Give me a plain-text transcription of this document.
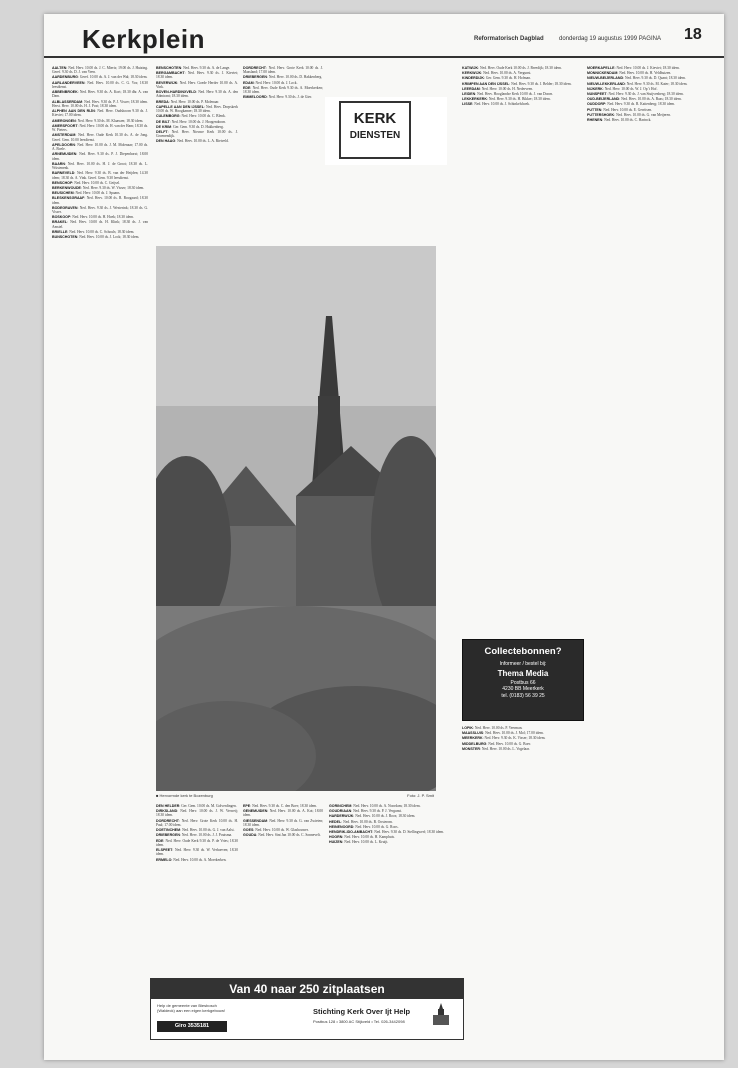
Kerkplein	Reformatorisch Dagblad	donderdag 19 augustus 1999 PAGINA 18
AALTEN: Ned. Herv. 10.00 ds. J. C. Mieris; 19.00 ds. J. Huizing. Geref. 9.30 ds. D. J. van Veen.
AARDENBURG: Geref. 10.00 ds. A. J. van der Wal; 18.30 idem.
AARLANDERVEEN: Ned. Herv. 10.00 ds. C. G. Vos; 18.30 leesdienst.
ABBENBROEK: Ned. Herv. 9.30 ds. A. Kort; 18.30 dhr. A. van Dam.
ALBLASSERDAM: Ned. Herv. 9.30 ds. P. J. Visser; 18.30 idem. Herst. Herv. 10.00 ds. H. J. Post; 18.30 idem.
ALPHEN AAN DEN RIJN: Ned. Herv. Oudshoorn 9.30 ds. J. Kieviet; 17.00 idem.
AMERONGEN: Ned. Herv. 9.30 ds. M. Klaassen; 18.30 idem.
AMERSFOORT: Ned. Herv. 10.00 ds. H. van der Ham; 18.30 ds. W. Pieters.
AMSTERDAM: Ned. Herv. Oude Kerk 10.30 ds. A. de Jong. Geref. Gem. 10.00 leesdienst.
APELDOORN: Ned. Herv. 10.00 ds. J. M. Molenaar; 17.00 ds. A. Boele.
ARNEMUIDEN: Ned. Herv. 9.30 ds. P. J. Diepenhorst; 18.00 idem.
BAARN: Ned. Herv. 10.00 ds. H. J. de Groot; 18.30 ds. L. Wüstenenk.
BARNEVELD: Ned. Herv. 9.30 ds. B. van der Heijden; 14.30 idem; 18.30 ds. A. Vink. Geref. Gem. 9.30 leesdienst.
BENSCHOP: Ned. Herv. 10.00 ds. C. Geijsel.
BERKENWOUDE: Ned. Herv. 9.30 ds. W. Visser; 18.30 idem.
BEUSICHEM: Ned. Herv. 10.00 ds. J. Spaans.
BLESKENSGRAAF: Ned. Herv. 10.00 ds. R. Boogaard; 18.30 idem.
BODEGRAVEN: Ned. Herv. 9.30 ds. J. Westerink; 18.30 ds. G. Visser.
BOSKOOP: Ned. Herv. 10.00 ds. H. Hoek; 18.30 idem.
BRAKEL: Ned. Herv. 10.00 ds. H. Klink; 18.30 ds. J. van Amstel.
BRIELLE: Ned. Herv. 10.00 ds. C. Schouls; 18.30 idem.
BUNSCHOTEN: Ned. Herv. 10.00 ds. J. Lock; 18.30 idem.
BENSCHOTEN: Ned. Herv. 9.30 ds. A. de Lange.
BERGAMBACHT: Ned. Herv. 9.30 ds. J. Kieviet; 18.30 idem.
BEVERWIJK: Ned. Herv. Goede Herder 10.00 ds. A. Vink.
BOVEN-HARDINXVELD: Ned. Herv. 9.30 ds. A. den Admirant; 18.30 idem.
BREDA: Ned. Herv. 10.00 ds. P. Molenaar.
CAPELLE AAN DEN IJSSEL: Ned. Herv. Dorpskerk 10.00 ds. W. Hoogkamer; 18.30 idem.
CULEMBORG: Ned. Herv. 10.00 ds. C. Blenk.
DE BILT: Ned. Herv. 10.00 ds. J. Hoogendoorn.
DE KRIM: Ger. Gem. 9.30 ds. D. Hakkenberg.
DELFT: Ned. Herv. Nieuwe Kerk 10.00 ds. J. Groenendijk.
DEN HAAG: Ned. Herv. 10.00 ds. L. A. Rietveld.
DEN HELDER: Ger. Gem. 10.00 ds. M. Golverdingen.
DIRKSLAND: Ned. Herv. 10.00 ds. J. W. Verweij; 18.30 idem.
DORDRECHT: Ned. Herv. Grote Kerk 10.00 ds. H. Paul; 17.00 idem.
DOETINCHEM: Ned. Herv. 10.00 ds. G. J. van Aalst.
DRIEBERGEN: Ned. Herv. 10.00 ds. J. J. Poutsma.
EDE: Ned. Herv. Oude Kerk 9.30 ds. P. de Vries; 18.30 idem.
ELSPEET: Ned. Herv. 9.30 ds. W. Verhoeven; 18.30 idem.
ERMELO: Ned. Herv. 10.00 ds. A. Moerkerken.
DORDRECHT: Ned. Herv. Grote Kerk 10.00 ds. J. Maasland; 17.00 idem.
DRIEBERGEN: Ned. Herv. 10.00 ds. D. Hakkenberg.
EDAM: Ned. Herv. 10.00 ds. J. Lock.
EDE: Ned. Herv. Oude Kerk 9.30 ds. A. Moerkerken; 18.30 idem.
EMMELOORD: Ned. Herv. 9.30 ds. J. de Gier.
EPE: Ned. Herv. 9.30 ds. C. den Boer; 18.30 idem.
GENEMUIDEN: Ned. Herv. 10.00 ds. A. Kot; 18.00 idem.
GIESSENDAM: Ned. Herv. 9.30 ds. G. van Zwieten; 18.30 idem.
GOES: Ned. Herv. 10.00 ds. W. Glashouwer.
GOUDA: Ned. Herv. Sint Jan 10.00 ds. C. Sonnevelt.
GORINCHEM: Ned. Herv. 10.00 ds. A. Noordam; 18.30 idem.
GOUDRIAAN: Ned. Herv. 9.30 ds. P. J. Vergunst.
HARDERWIJK: Ned. Herv. 10.00 ds. J. Roos; 18.30 idem.
HEDEL: Ned. Herv. 10.00 ds. B. Oosterom.
HEINENOORD: Ned. Herv. 10.00 ds. G. Roos.
HENDRIK-IDO-AMBACHT: Ned. Herv. 9.30 ds. D. Stellingwerf; 18.30 idem.
HOORN: Ned. Herv. 10.00 ds. H. Kamphuis.
HUIZEN: Ned. Herv. 10.00 ds. L. Kruijt.
KATWIJK: Ned. Herv. Oude Kerk 10.00 ds. J. Breedijk; 18.30 idem.
KERKWIJK: Ned. Herv. 10.00 ds. A. Vergunst.
KINDERDIJK: Ger. Gem. 9.30 ds. H. Hofman.
KRIMPEN AAN DEN IJSSEL: Ned. Herv. 9.30 ds. J. Belder; 18.30 idem.
LEERDAM: Ned. Herv. 10.00 ds. H. Nederveen.
LEIDEN: Ned. Herv. Hooglandse Kerk 10.00 ds. J. van Doorn.
LEKKERKERK: Ned. Herv. 9.30 ds. H. Bikker; 18.30 idem.
LISSE: Ned. Herv. 10.00 ds. J. Schinkelshoek.
LOPIK: Ned. Herv. 10.00 ds. P. Veerman.
MAASSLUIS: Ned. Herv. 10.00 ds. J. Mol; 17.00 idem.
MEERKERK: Ned. Herv. 9.30 ds. K. Visser; 18.30 idem.
MIDDELBURG: Ned. Herv. 10.00 ds. G. Boer.
MONSTER: Ned. Herv. 10.00 ds. L. Vogelaar.
MOERKAPELLE: Ned. Herv. 10.00 ds. J. Kieviet; 18.30 idem.
MONNICKENDAM: Ned. Herv. 10.00 ds. H. Veldhuizen.
NIEUW-BEIJERLAND: Ned. Herv. 9.30 ds. D. Quant; 18.30 idem.
NIEUW-LEKKERLAND: Ned. Herv. 9.30 ds. M. Kater; 18.30 idem.
NIJKERK: Ned. Herv. 10.00 ds. W. J. Op 't Hof.
NUNSPEET: Ned. Herv. 9.30 ds. J. van Stuijvenberg; 18.30 idem.
OUD-BEIJERLAND: Ned. Herv. 10.00 ds. A. Baas; 18.30 idem.
OUDDORP: Ned. Herv. 9.30 ds. R. Kattenberg; 18.30 idem.
PUTTEN: Ned. Herv. 10.00 ds. E. Gerritsen.
PUTTERSHOEK: Ned. Herv. 10.00 ds. G. van Meijeren.
RHENEN: Ned. Herv. 10.00 ds. C. Harinck.
KERK
DIENSTEN
■ Hervormde kerk te Bozenburg	Foto: J. P. Smit
Collectebonnen?
Informeer / bestel bij:
Thema Media
Postbus 66
4230 BB Meerkerk
tel. (0183) 56 39 25
Van 40 naar 250 zitplaatsen
Help de gemeente van Biesbosch
(Waldeck) aan een eigen kerkgebouw!
Giro 3535181
Stichting Kerk Over Ijt Help
Postbus 128 • 3800 AC Stijkveld • Tel. 026-3442098
